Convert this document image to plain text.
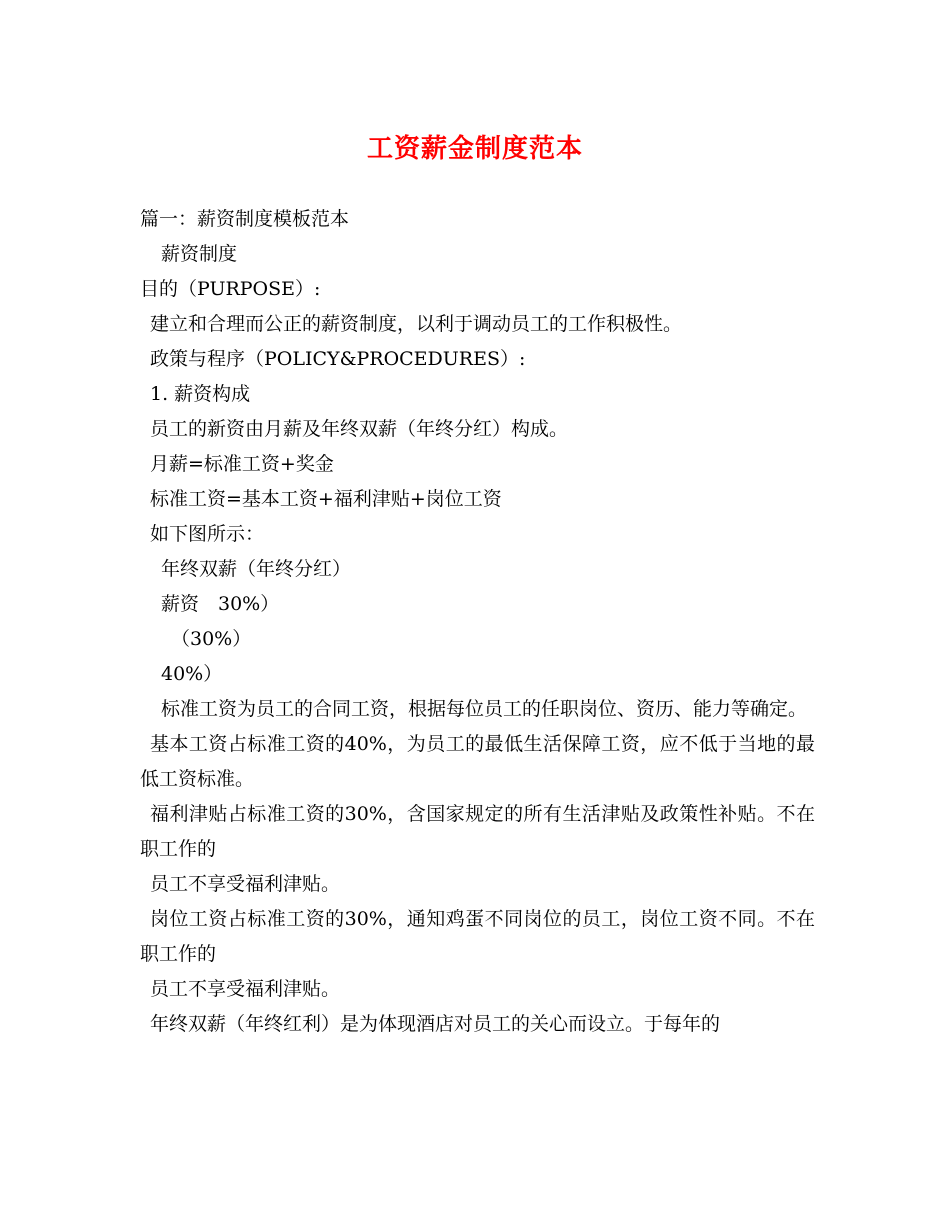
工资薪金制度范本
篇一：薪资制度模板范本
薪资制度
目的（PURPOSE）:
建立和合理而公正的薪资制度，以利于调动员工的工作积极性。
政策与程序（POLICY&PROCEDURES）:
1. 薪资构成
员工的新资由月薪及年终双薪（年终分红）构成。
月薪=标准工资+奖金
标准工资=基本工资+福利津贴+岗位工资
如下图所示：
年终双薪（年终分红）
薪资　30%）
（30%）
40%）
标准工资为员工的合同工资，根据每位员工的任职岗位、资历、能力等确定。
基本工资占标准工资的40%，为员工的最低生活保障工资，应不低于当地的最低工资标准。
福利津贴占标准工资的30%，含国家规定的所有生活津贴及政策性补贴。不在职工作的
员工不享受福利津贴。
岗位工资占标准工资的30%，通知鸡蛋不同岗位的员工，岗位工资不同。不在职工作的
员工不享受福利津贴。
年终双薪（年终红利）是为体现酒店对员工的关心而设立。于每年的
